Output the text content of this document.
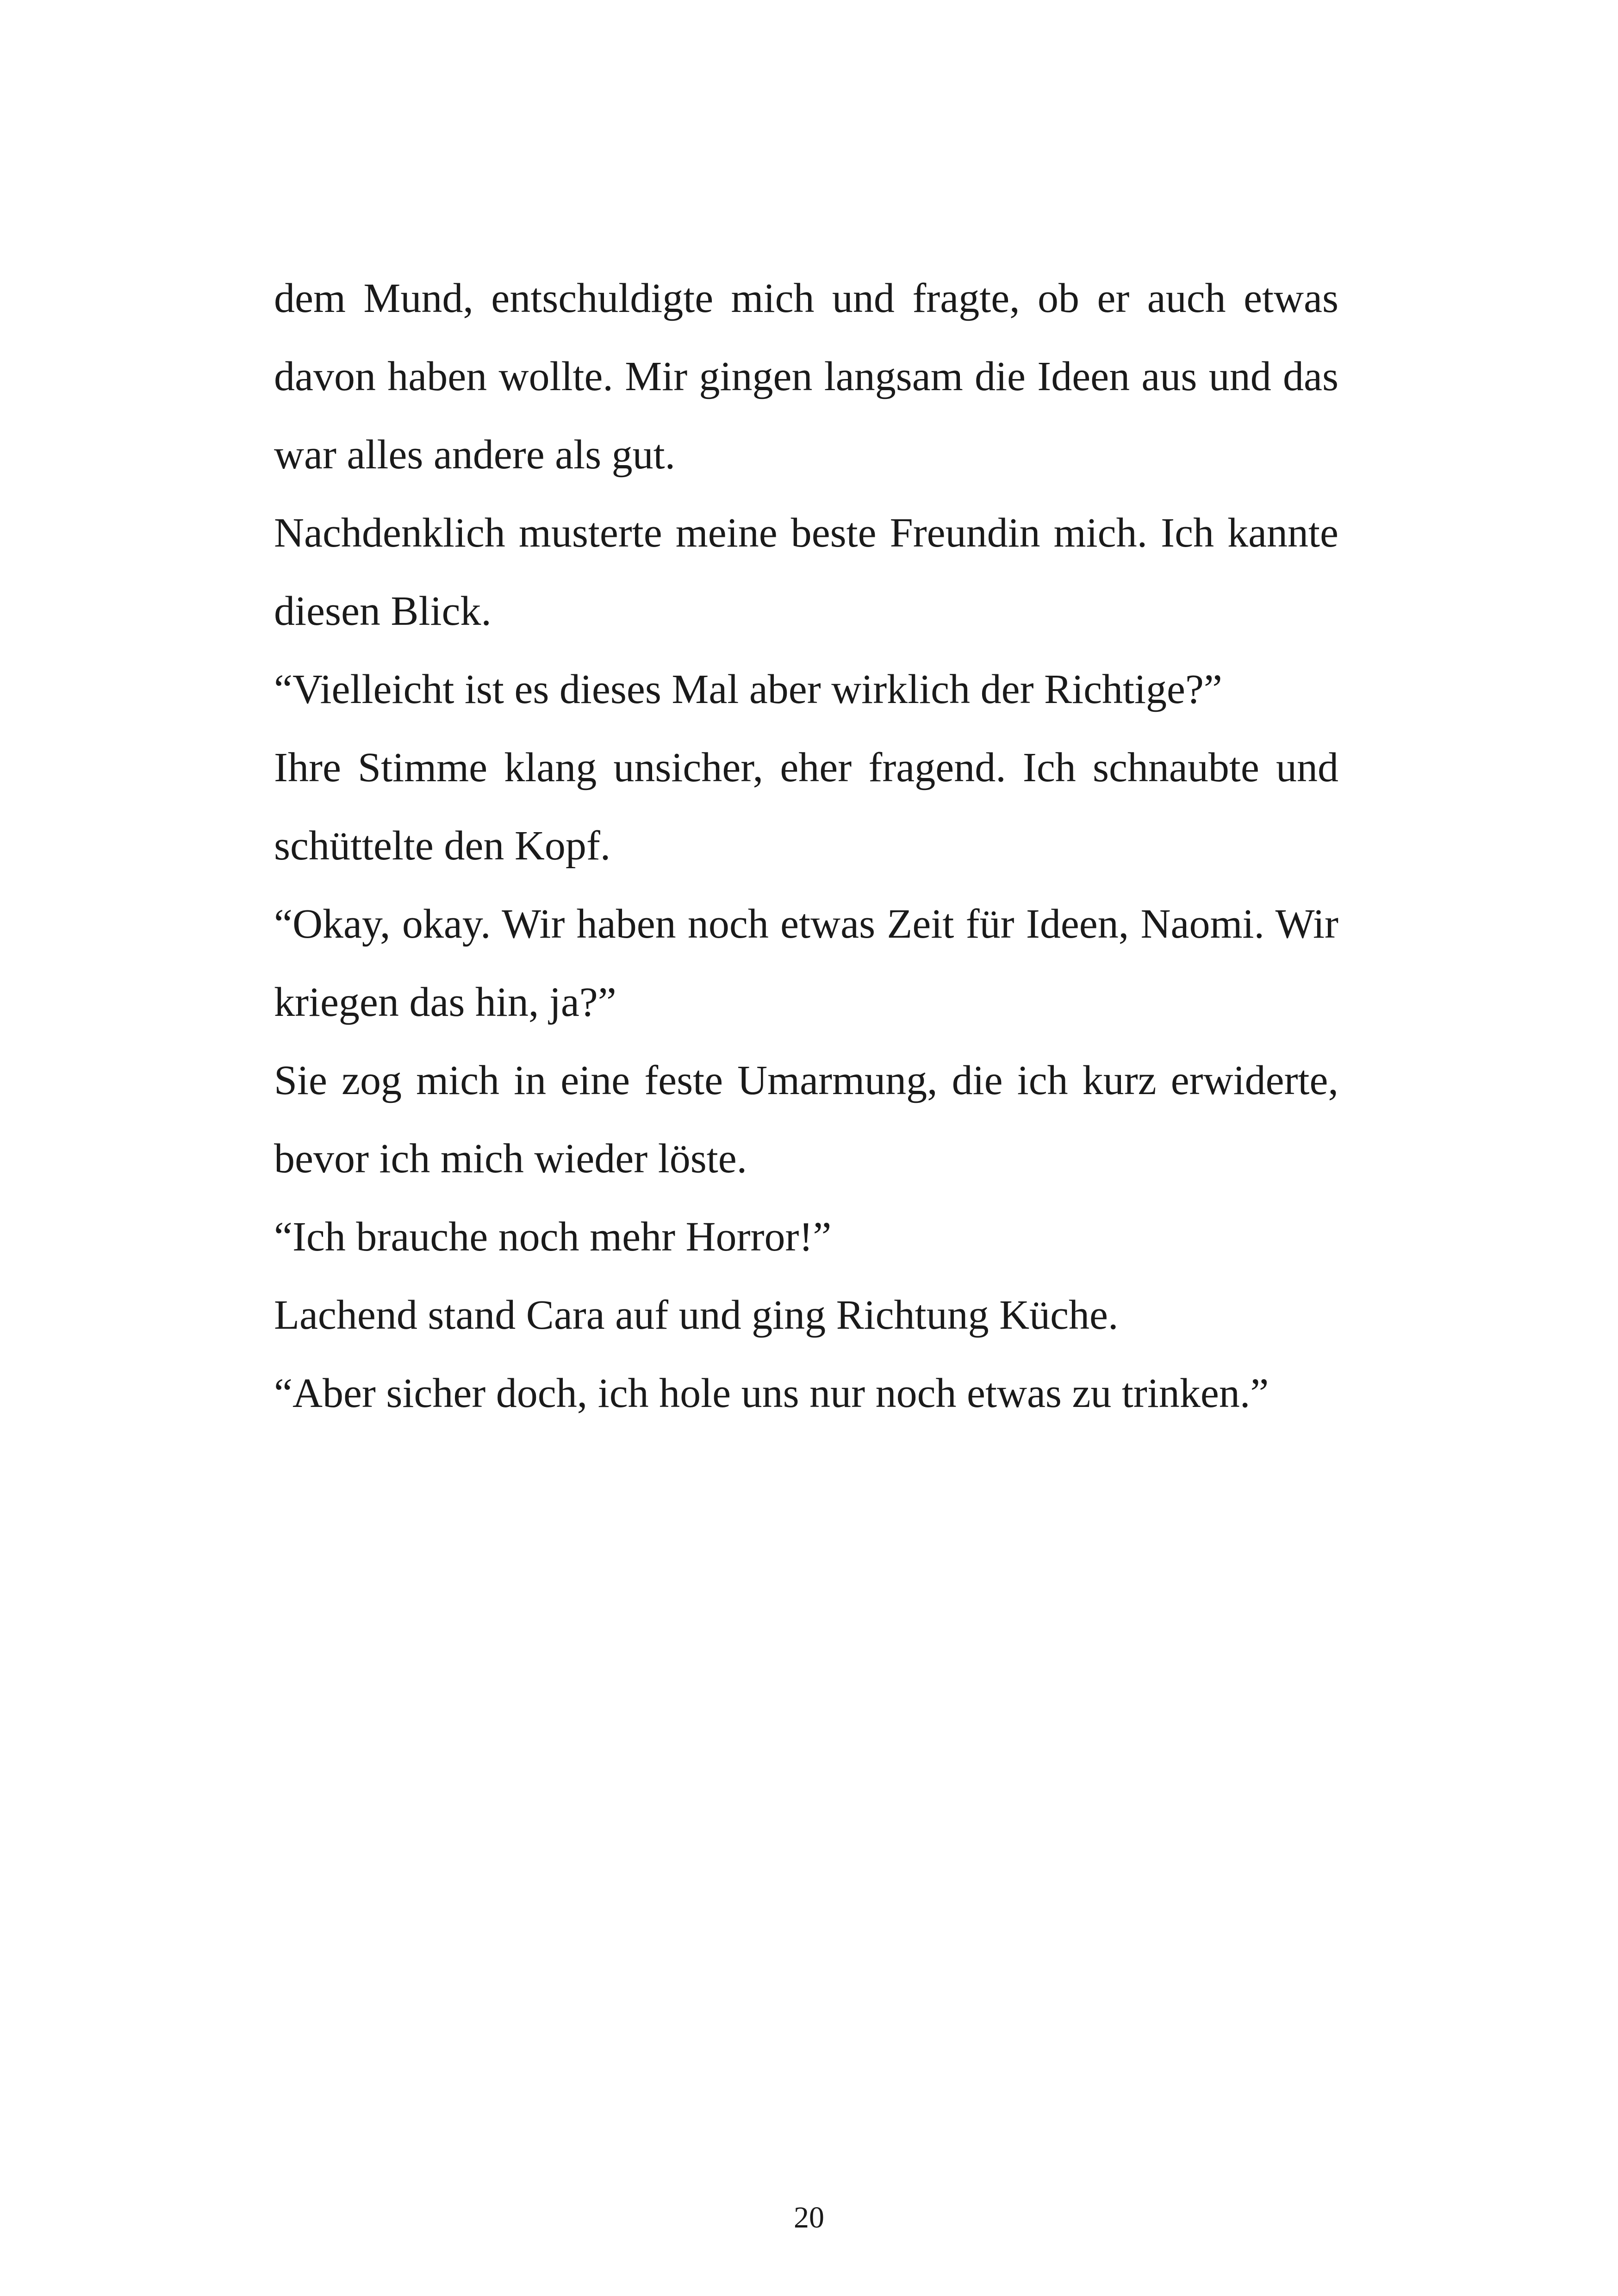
dem Mund, entschuldigte mich und fragte, ob er auch etwas davon haben wollte. Mir gingen langsam die Ideen aus und das war alles andere als gut.

Nachdenklich musterte meine beste Freundin mich. Ich kannte diesen Blick.

“Vielleicht ist es dieses Mal aber wirklich der Richtige?”

Ihre Stimme klang unsicher, eher fragend. Ich schnaubte und schüttelte den Kopf.

“Okay, okay. Wir haben noch etwas Zeit für Ideen, Naomi. Wir kriegen das hin, ja?”

Sie zog mich in eine feste Umarmung, die ich kurz erwiderte, bevor ich mich wieder löste.

“Ich brauche noch mehr Horror!”

Lachend stand Cara auf und ging Richtung Küche.

“Aber sicher doch, ich hole uns nur noch etwas zu trinken.”

20
